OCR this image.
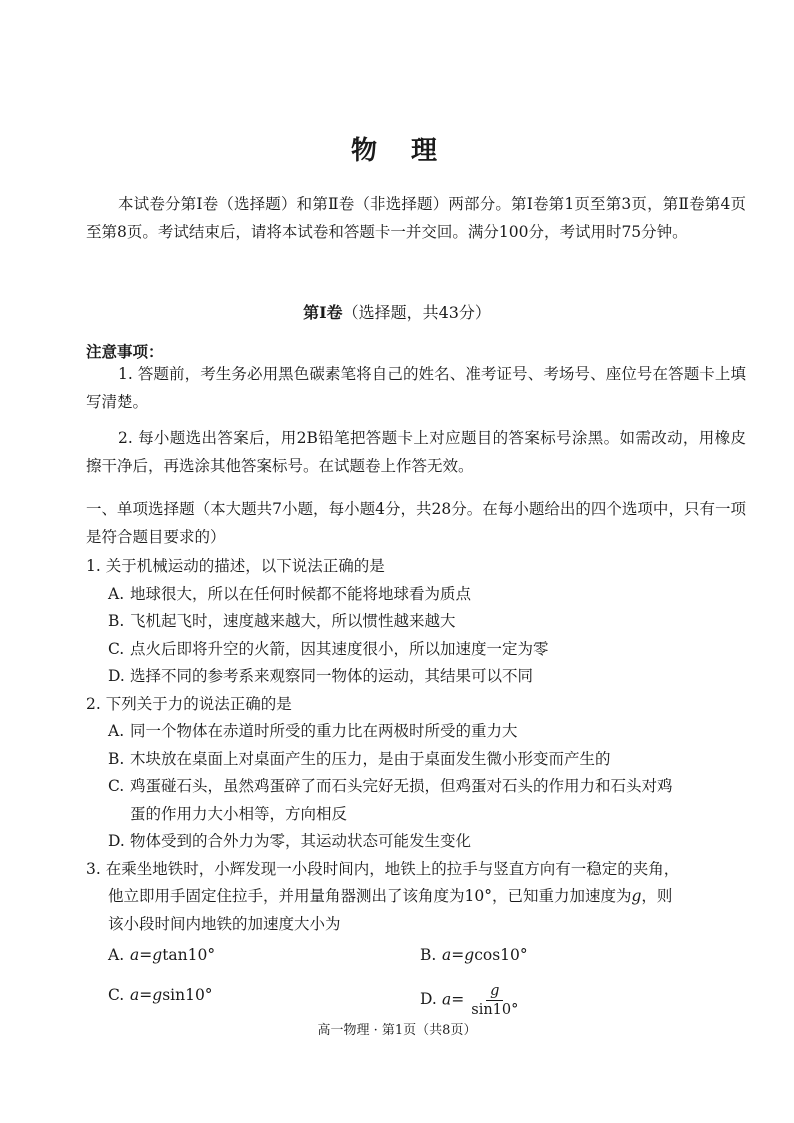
物 理
本试卷分第Ⅰ卷（选择题）和第Ⅱ卷（非选择题）两部分。第Ⅰ卷第1页至第3页，第Ⅱ卷第4页至第8页。考试结束后，请将本试卷和答题卡一并交回。满分100分，考试用时75分钟。
第Ⅰ卷（选择题，共43分）
注意事项：

1. 答题前，考生务必用黑色碳素笔将自己的姓名、准考证号、考场号、座位号在答题卡上填写清楚。

2. 每小题选出答案后，用2B铅笔把答题卡上对应题目的答案标号涂黑。如需改动，用橡皮擦干净后，再选涂其他答案标号。在试题卷上作答无效。

一、单项选择题（本大题共7小题，每小题4分，共28分。在每小题给出的四个选项中，只有一项是符合题目要求的）
1. 关于机械运动的描述，以下说法正确的是
A. 地球很大，所以在任何时候都不能将地球看为质点
B. 飞机起飞时，速度越来越大，所以惯性越来越大
C. 点火后即将升空的火箭，因其速度很小，所以加速度一定为零
D. 选择不同的参考系来观察同一物体的运动，其结果可以不同
2. 下列关于力的说法正确的是
A. 同一个物体在赤道时所受的重力比在两极时所受的重力大
B. 木块放在桌面上对桌面产生的压力，是由于桌面发生微小形变而产生的
C. 鸡蛋碰石头，虽然鸡蛋碎了而石头完好无损，但鸡蛋对石头的作用力和石头对鸡
蛋的作用力大小相等，方向相反
D. 物体受到的合外力为零，其运动状态可能发生变化
3. 在乘坐地铁时，小辉发现一小段时间内，地铁上的拉手与竖直方向有一稳定的夹角，
他立即用手固定住拉手，并用量角器测出了该角度为10°，已知重力加速度为g，则
该小段时间内地铁的加速度大小为
A. a=gtan10°	B. a=gcos10°
C. a=gsin10°	D. $a= \frac{g}{\sin 10^\circ}$
高一物理 · 第1页（共8页）
